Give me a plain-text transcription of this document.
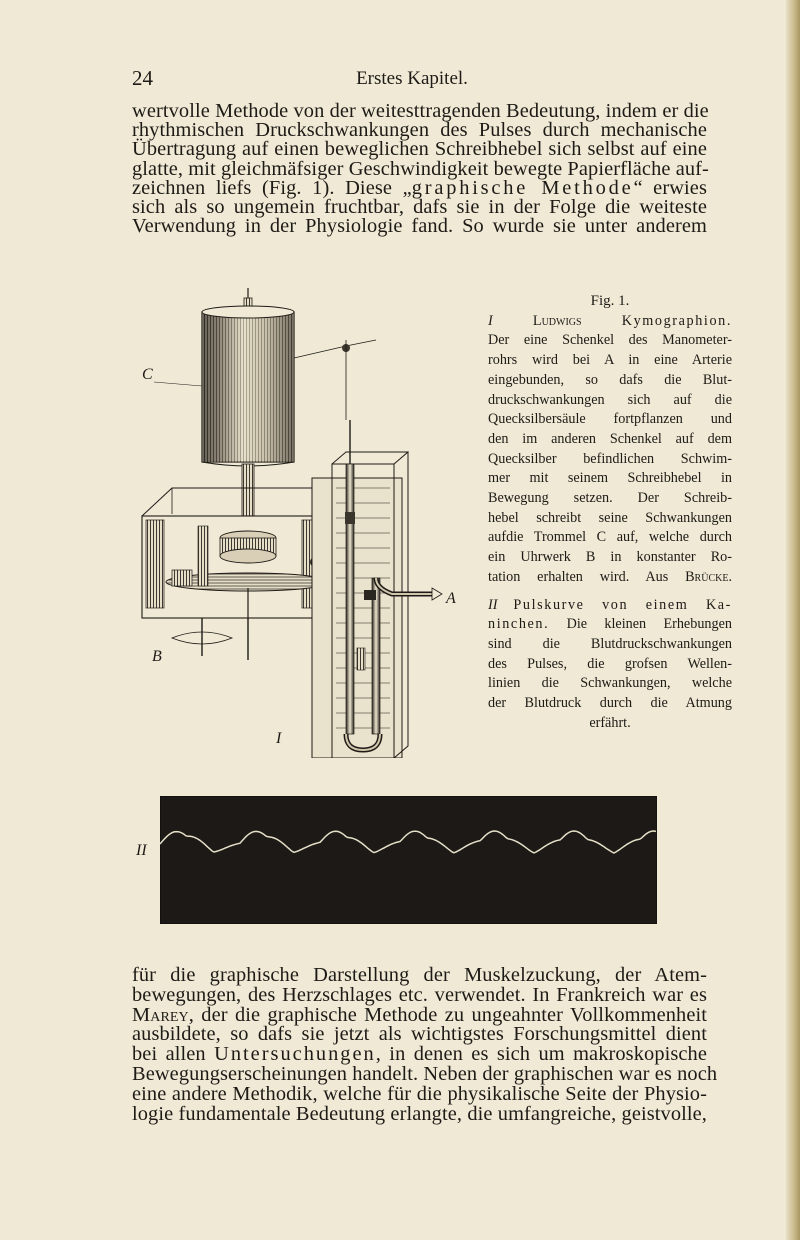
24	Erstes Kapitel.

wertvolle Methode von der weitesttragenden Bedeutung, indem er die
rhythmischen Druckschwankungen des Pulses durch mechanische
Übertragung auf einen beweglichen Schreibhebel sich selbst auf eine
glatte, mit gleichmäfsiger Geschwindigkeit bewegte Papierfläche auf-
zeichnen liefs (Fig. 1). Diese „graphische Methode“ erwies
sich als so ungemein fruchtbar, dafs sie in der Folge die weiteste
Verwendung in der Physiologie fand. So wurde sie unter anderem

C
B
I
A
Fig. 1.
I	Ludwigs	Kymographion.
Der eine Schenkel des Manometer-
rohrs wird bei A in eine Arterie
eingebunden, so dafs die Blut-
druckschwankungen sich auf die
Quecksilbersäule fortpflanzen und
den im anderen Schenkel auf dem
Quecksilber befindlichen Schwim-
mer mit seinem Schreibhebel in
Bewegung setzen. Der Schreib-
hebel schreibt seine Schwankungen
aufdie Trommel C auf, welche durch
ein Uhrwerk B in konstanter Ro-
tation erhalten wird. Aus Brücke.
II Pulskurve von einem Ka-
ninchen. Die kleinen Erhebungen
sind die Blutdruckschwankungen
des Pulses, die grofsen Wellen-
linien die Schwankungen, welche
der Blutdruck durch die Atmung
erfährt.
II

für die graphische Darstellung der Muskelzuckung, der Atem-
bewegungen, des Herzschlages etc. verwendet. In Frankreich war es
Marey, der die graphische Methode zu ungeahnter Vollkommenheit
ausbildete, so dafs sie jetzt als wichtigstes Forschungsmittel dient
bei allen Untersuchungen, in denen es sich um makroskopische
Bewegungserscheinungen handelt. Neben der graphischen war es noch
eine andere Methodik, welche für die physikalische Seite der Physio-
logie fundamentale Bedeutung erlangte, die umfangreiche, geistvolle,
